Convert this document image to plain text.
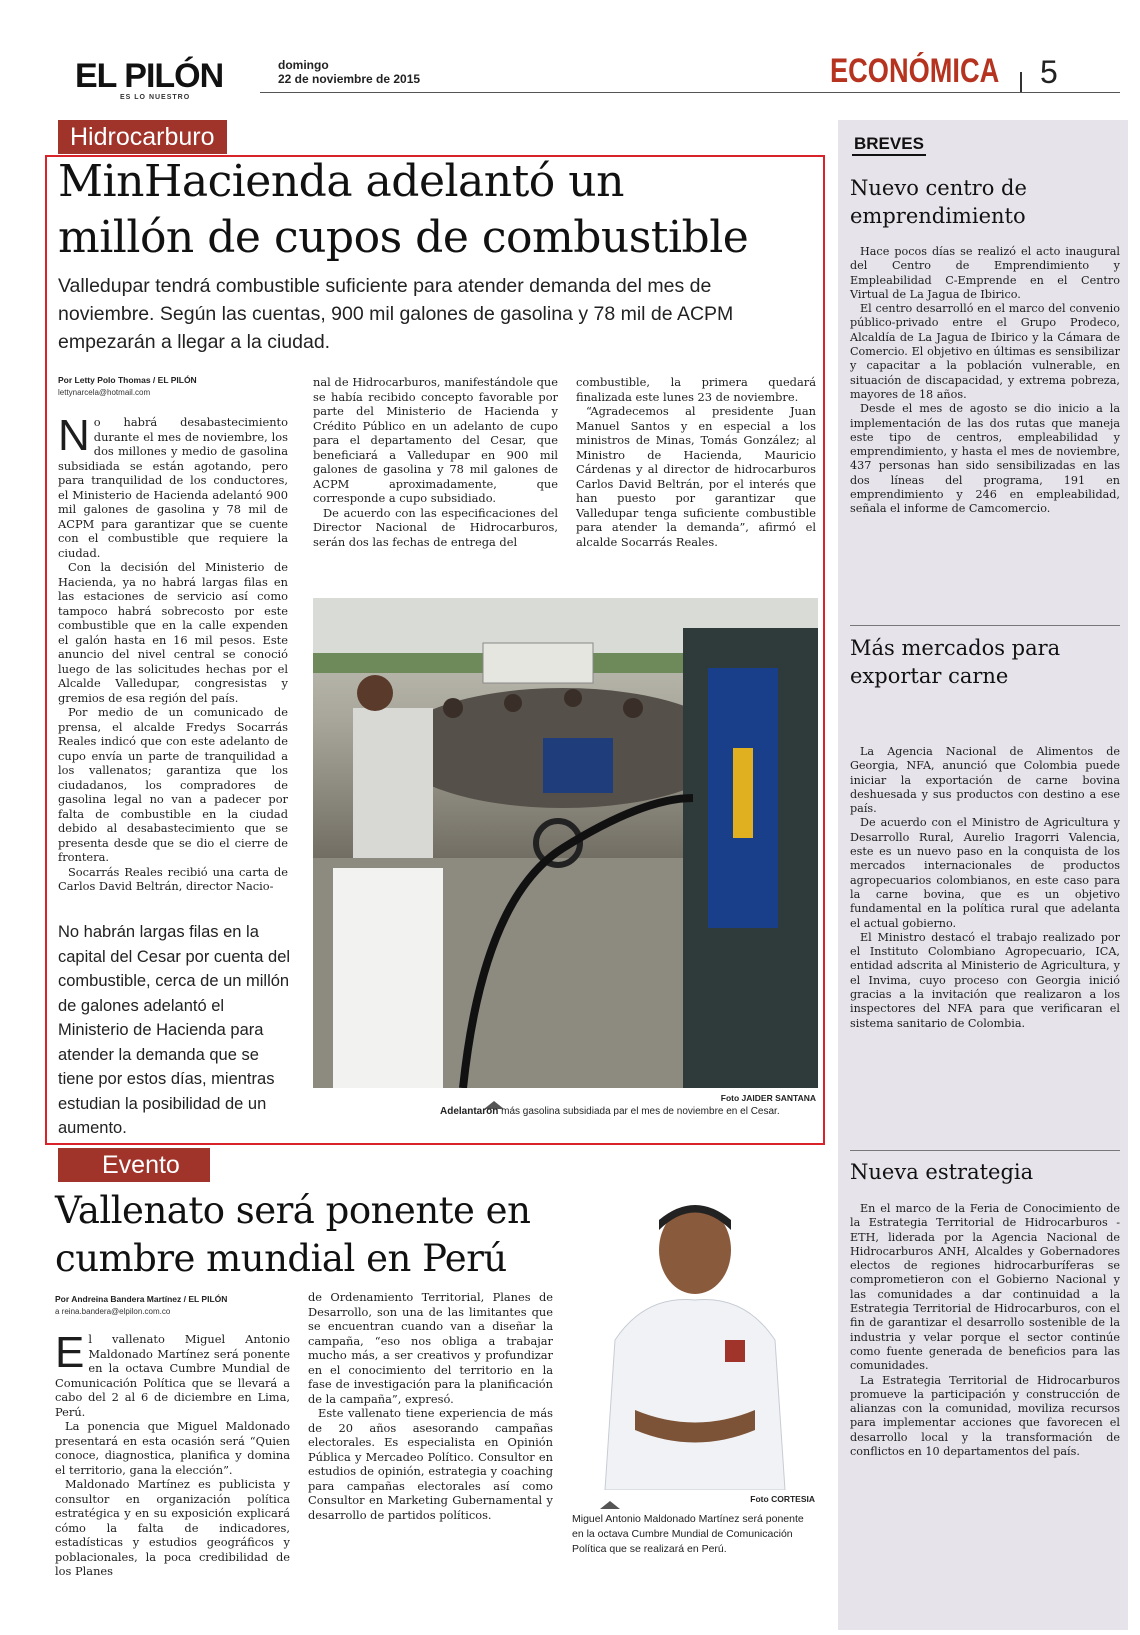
EL PILÓN
ES LO NUESTRO
domingo
22 de noviembre de 2015	ECONÓMICA 5
Hidrocarburo
MinHacienda adelantó un
millón de cupos de combustible
Valledupar tendrá combustible suficiente para atender demanda del mes de noviembre. Según las cuentas, 900 mil galones de gasolina y 78 mil de ACPM empezarán a llegar a la ciudad.
Por Letty Polo Thomas / EL PILÓN
lettynarcela@hotmail.com
N o habrá desabastecimiento durante el mes de noviembre, los dos millones y medio de gasolina subsidiada se están agotando, pero para tranquilidad de los conductores, el Ministerio de Hacienda adelantó 900 mil galones de gasolina y 78 mil de ACPM para garantizar que se cuente con el combustible que requiere la ciudad.

Con la decisión del Ministerio de Hacienda, ya no habrá largas filas en las estaciones de servicio así como tampoco habrá sobrecosto por este combustible que en la calle expenden el galón hasta en 16 mil pesos. Este anuncio del nivel central se conoció luego de las solicitudes hechas por el Alcalde Valledupar, congresistas y gremios de esa región del país.

Por medio de un comunicado de prensa, el alcalde Fredys Socarrás Reales indicó que con este adelanto de cupo envía un parte de tranquilidad a los vallenatos; garantiza que los ciudadanos, los compradores de gasolina legal no van a padecer por falta de combustible en la ciudad debido al desabastecimiento que se presenta desde que se dio el cierre de frontera.

Socarrás Reales recibió una carta de Carlos David Beltrán, director Nacio-

No habrán largas filas en la capital del Cesar por cuenta del combustible, cerca de un millón de galones adelantó el Ministerio de Hacienda para atender la demanda que se tiene por estos días, mientras estudian la posibilidad de un aumento.

nal de Hidrocarburos, manifestándole que se había recibido concepto favorable por parte del Ministerio de Hacienda y Crédito Público en un adelanto de cupo para el departamento del Cesar, que beneficiará a Valledupar en 900 mil galones de gasolina y 78 mil galones de ACPM aproximadamente, que corresponde a cupo subsidiado.

De acuerdo con las especificaciones del Director Nacional de Hidrocarburos, serán dos las fechas de entrega del

combustible, la primera quedará finalizada este lunes 23 de noviembre.

“Agradecemos al presidente Juan Manuel Santos y en especial a los ministros de Minas, Tomás González; al Ministro de Hacienda, Mauricio Cárdenas y al director de hidrocarburos Carlos David Beltrán, por el interés que han puesto por garantizar que Valledupar tenga suficiente combustible para atender la demanda”, afirmó el alcalde Socarrás Reales.

Foto JAIDER SANTANA
Adelantaron más gasolina subsidiada par el mes de noviembre en el Cesar.
Evento
Vallenato será ponente en
cumbre mundial en Perú
Por Andreina Bandera Martínez / EL PILÓN
a reina.bandera@elpilon.com.co
E l vallenato Miguel Antonio Maldonado Martínez será ponente en la octava Cumbre Mundial de Comunicación Política que se llevará a cabo del 2 al 6 de diciembre en Lima, Perú.

La ponencia que Miguel Maldonado presentará en esta ocasión será “Quien conoce, diagnostica, planifica y domina el territorio, gana la elección”.

Maldonado Martínez es publicista y consultor en organización política estratégica y en su exposición explicará cómo la falta de indicadores, estadísticas y estudios geográficos y poblacionales, la poca credibilidad de los Planes

de Ordenamiento Territorial, Planes de Desarrollo, son una de las limitantes que se encuentran cuando van a diseñar la campaña, “eso nos obliga a trabajar mucho más, a ser creativos y profundizar en el conocimiento del territorio en la fase de investigación para la planificación de la campaña”, expresó.

Este vallenato tiene experiencia de más de 20 años asesorando campañas electorales. Es especialista en Opinión Pública y Mercadeo Político. Consultor en estudios de opinión, estrategia y coaching para campañas electorales así como Consultor en Marketing Gubernamental y desarrollo de partidos políticos.

Foto CORTESIA
Miguel Antonio Maldonado Martínez será ponente en la octava Cumbre Mundial de Comunicación Política que se realizará en Perú.
BREVES
Nuevo centro de emprendimiento

Hace pocos días se realizó el acto inaugural del Centro de Emprendimiento y Empleabilidad C-Emprende en el Centro Virtual de La Jagua de Ibirico.

El centro desarrolló en el marco del convenio público-privado entre el Grupo Prodeco, Alcaldía de La Jagua de Ibirico y la Cámara de Comercio. El objetivo en últimas es sensibilizar y capacitar a la población vulnerable, en situación de discapacidad, y extrema pobreza, mayores de 18 años.

Desde el mes de agosto se dio inicio a la implementación de las dos rutas que maneja este tipo de centros, empleabilidad y emprendimiento, y hasta el mes de noviembre, 437 personas han sido sensibilizadas en las dos líneas del programa, 191 en emprendimiento y 246 en empleabilidad, señala el informe de Camcomercio.

Más mercados para exportar carne

La Agencia Nacional de Alimentos de Georgia, NFA, anunció que Colombia puede iniciar la exportación de carne bovina deshuesada y sus productos con destino a ese país.

De acuerdo con el Ministro de Agricultura y Desarrollo Rural, Aurelio Iragorri Valencia, este es un nuevo paso en la conquista de los mercados internacionales de productos agropecuarios colombianos, en este caso para la carne bovina, que es un objetivo fundamental en la política rural que adelanta el actual gobierno.

El Ministro destacó el trabajo realizado por el Instituto Colombiano Agropecuario, ICA, entidad adscrita al Ministerio de Agricultura, y el Invima, cuyo proceso con Georgia inició gracias a la invitación que realizaron a los inspectores del NFA para que verificaran el sistema sanitario de Colombia.

Nueva estrategia

En el marco de la Feria de Conocimiento de la Estrategia Territorial de Hidrocarburos - ETH, liderada por la Agencia Nacional de Hidrocarburos ANH, Alcaldes y Gobernadores electos de regiones hidrocarburíferas se comprometieron con el Gobierno Nacional y las comunidades a dar continuidad a la Estrategia Territorial de Hidrocarburos, con el fin de garantizar el desarrollo sostenible de la industria y velar porque el sector continúe como fuente generada de beneficios para las comunidades.

La Estrategia Territorial de Hidrocarburos promueve la participación y construcción de alianzas con la comunidad, moviliza recursos para implementar acciones que favorecen el desarrollo local y la transformación de conflictos en 10 departamentos del país.
